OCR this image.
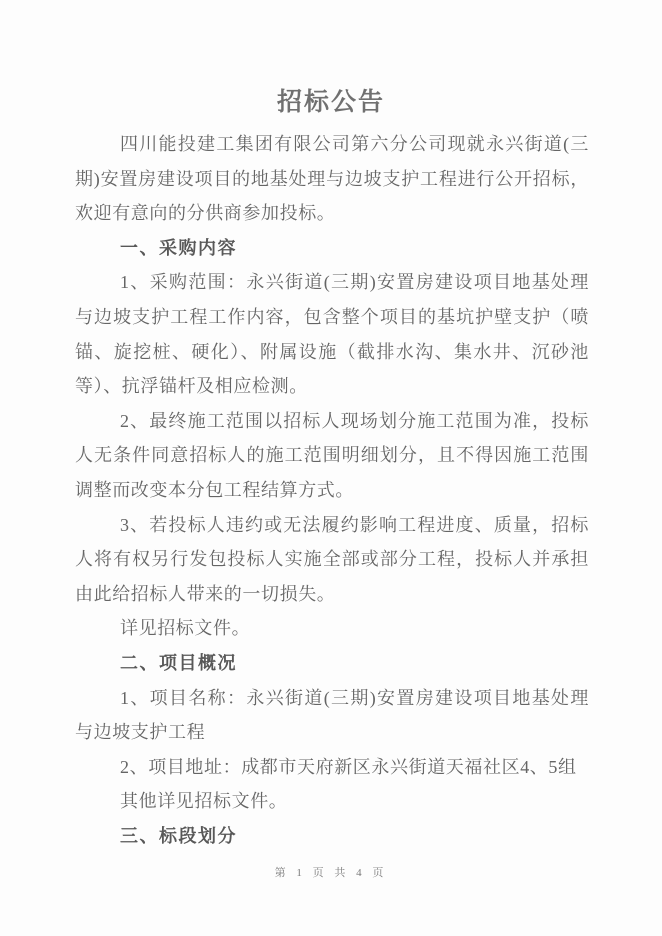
招标公告

四川能投建工集团有限公司第六分公司现就永兴街道(三期)安置房建设项目的地基处理与边坡支护工程进行公开招标，欢迎有意向的分供商参加投标。

一、采购内容

1、采购范围：永兴街道(三期)安置房建设项目地基处理与边坡支护工程工作内容，包含整个项目的基坑护壁支护（喷锚、旋挖桩、硬化）、附属设施（截排水沟、集水井、沉砂池等）、抗浮锚杆及相应检测。

2、最终施工范围以招标人现场划分施工范围为准，投标人无条件同意招标人的施工范围明细划分，且不得因施工范围调整而改变本分包工程结算方式。

3、若投标人违约或无法履约影响工程进度、质量，招标人将有权另行发包投标人实施全部或部分工程，投标人并承担由此给招标人带来的一切损失。

详见招标文件。

二、项目概况

1、项目名称：永兴街道(三期)安置房建设项目地基处理与边坡支护工程

2、项目地址：成都市天府新区永兴街道天福社区4、5组

其他详见招标文件。

三、标段划分

第 1 页 共 4 页
